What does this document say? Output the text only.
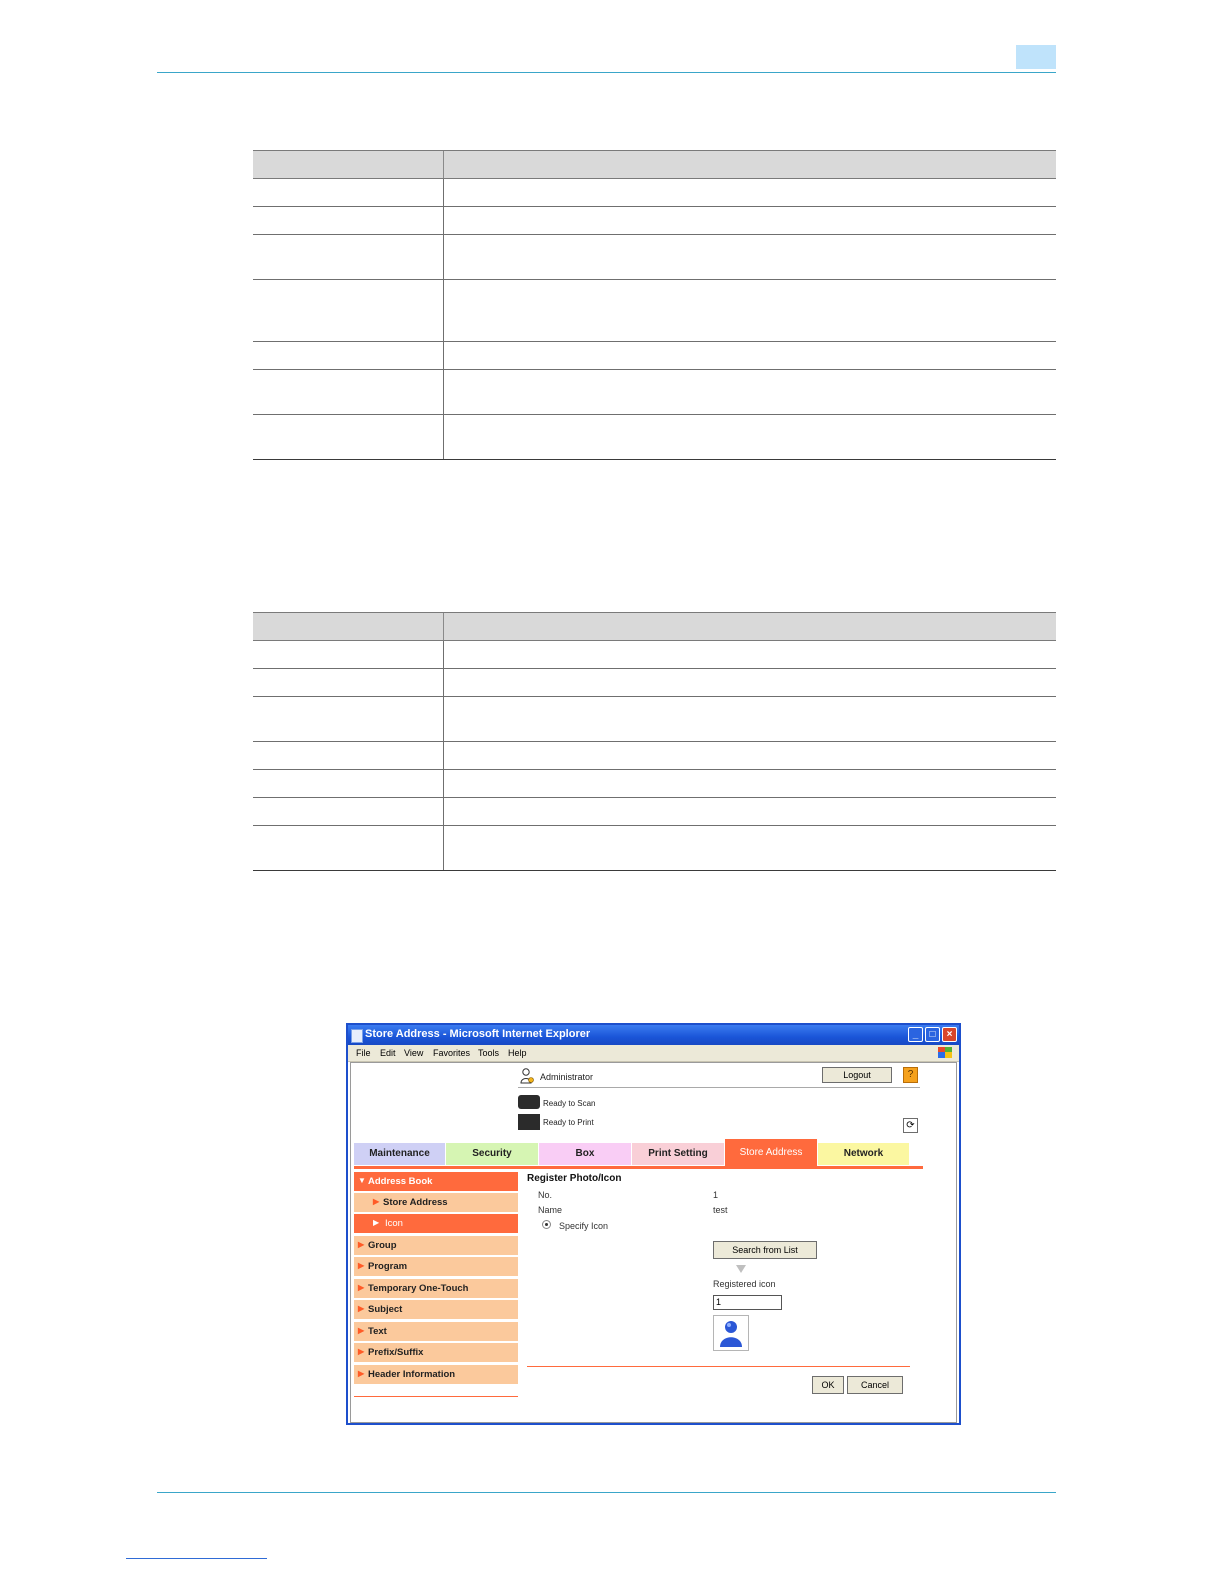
Store Address - Microsoft Internet Explorer	_	□	×
File Edit View Favorites Tools Help
Administrator	Logout	?
Ready to Scan
Ready to Print	⟳
Maintenance	Security	Box	Print Setting	Store Address	Network
▼ Address Book
▶ Store Address
▶ Icon
▶ Group
▶ Program
▶ Temporary One-Touch
▶ Subject
▶ Text
▶ Prefix/Suffix
▶ Header Information
Register Photo/Icon
No.	1
Name	test
Specify Icon
Search from List
Registered icon
1
OK	Cancel
